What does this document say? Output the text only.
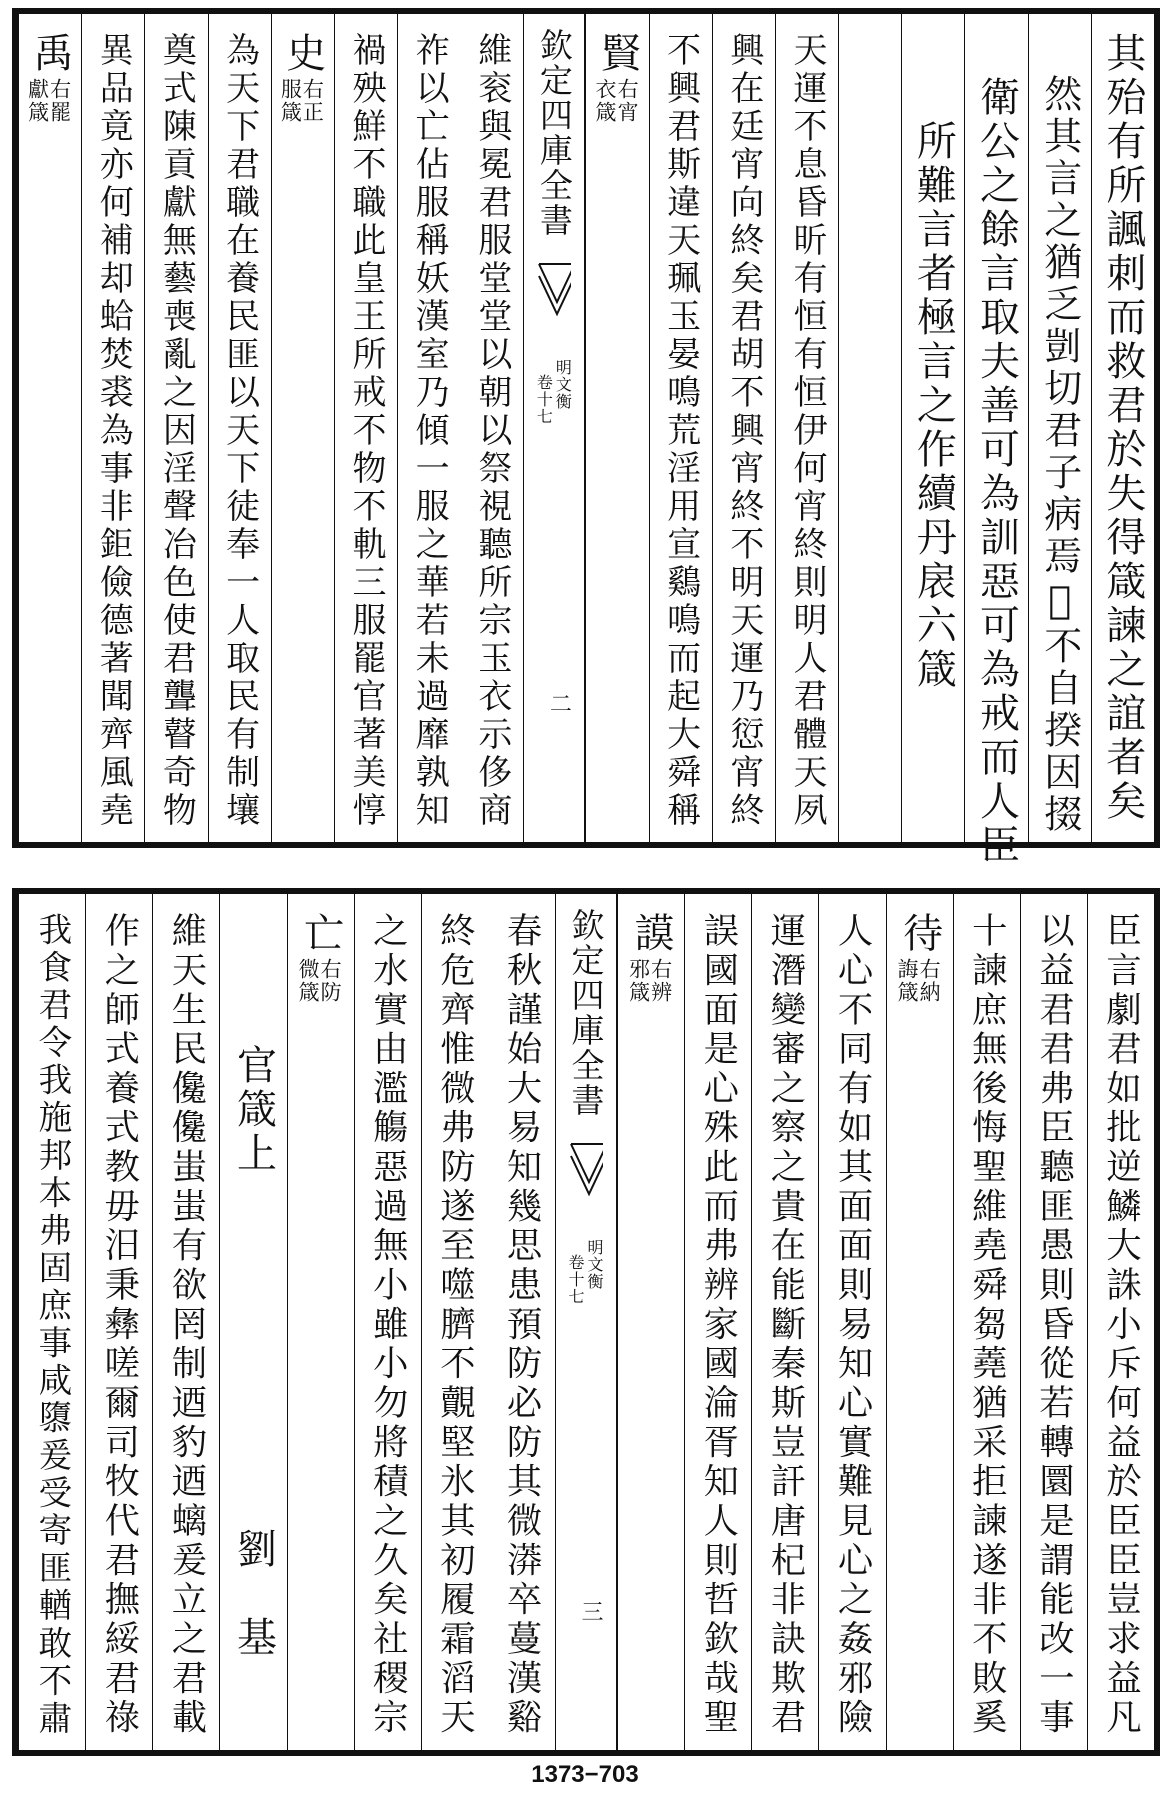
維衮與冕君服堂堂以朝以祭視聽所宗玉衣示侈商
祚以亡佔服稱妖漢室乃傾一服之華若未過靡孰知
禍殃鮮不職此皇王所戒不物不軌三服罷官著美惇
史
右正服箴
為天下君職在養民匪以天下徒奉一人取民有制壤
奠式陳貢獻無藝喪亂之因淫聲冶色使君聾瞽奇物
異品竟亦何補却蛤焚裘為事非鉅儉德著聞齊風堯
禹
右罷獻箴	欽定四庫全書
明文衡
卷十七
二	其殆有所諷刺而救君於失得箴諫之誼者矣
然其言之猶乏剴切君子病焉𢈪不自揆因掇
衛公之餘言取夫善可為訓惡可為戒而人臣
所難言者極言之作續丹扆六箴
天運不息昏昕有恒有恒伊何宵終則明人君體天夙
興在廷宵向終矣君胡不興宵終不明天運乃愆宵終
不興君斯違天珮玉晏鳴荒淫用宣鷄鳴而起大舜稱
賢
右宵衣箴
春秋謹始大易知幾思患預防必防其微漭卒蔓漢谿
終危齊惟微弗防遂至噬臍不覿堅氷其初履霜滔天
之水實由濫觴惡過無小雖小勿將積之久矣社稷宗
亡
右防微箴
官箴上　　　　　　　　劉　基
維天生民儳儳蚩蚩有欲罔制迺豹迺螭爰立之君載
作之師式養式教毋汨秉彝嗟爾司牧代君撫綏君祿
我食君令我施邦本弗固庶事咸隳爰受寄匪輶敢不肅	欽定四庫全書
明文衡
卷十七
三	臣言劇君如批逆鱗大誅小斥何益於臣臣豈求益凡
以益君君弗臣聽匪愚則昏從若轉圜是謂能改一事
十諫庶無後悔聖維堯舜芻蕘猶采拒諫遂非不敗奚
待
右納誨箴
人心不同有如其面面則易知心實難見心之姦邪險
運潛變審之察之貴在能斷秦斯豈訐唐杞非訣欺君
誤國面是心殊此而弗辨家國淪胥知人則哲欽哉聖
謨
右辨邪箴
1373−703
